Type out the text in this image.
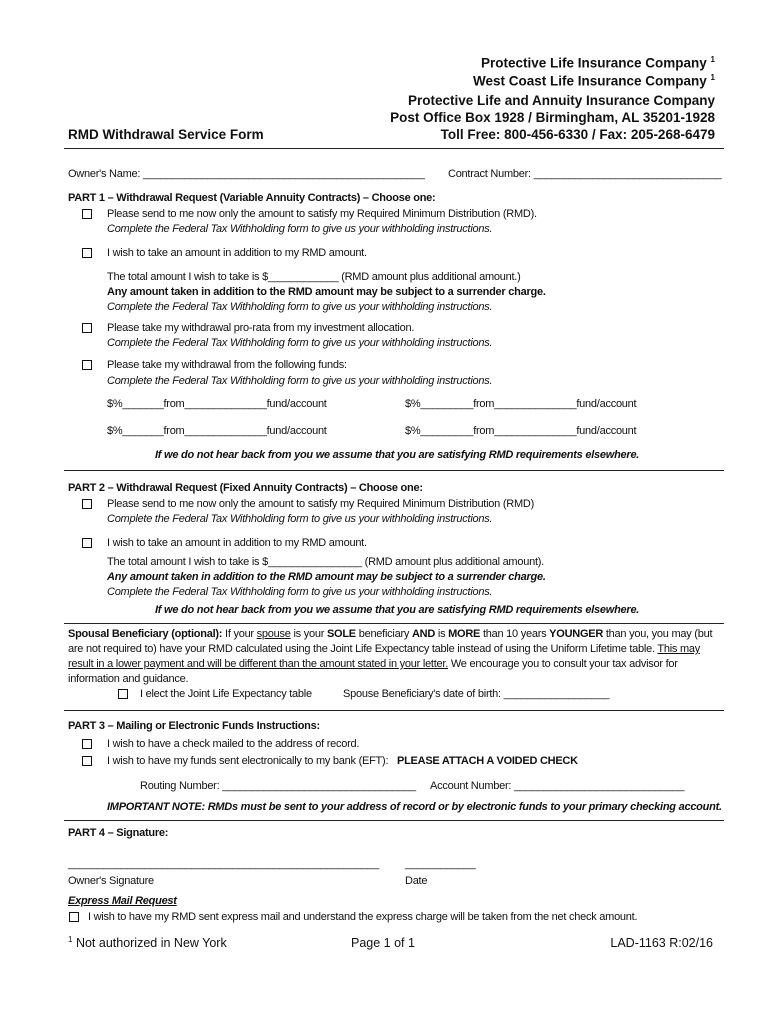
Protective Life Insurance Company $^1$
West Coast Life Insurance Company $^1$
Protective Life and Annuity Insurance Company
Post Office Box 1928 / Birmingham, AL 35201-1928
Toll Free: 800-456-6330 / Fax: 205-268-6479
RMD Withdrawal Service Form
Owner's Name: ________________________________________________ Contract Number: ________________________________
PART 1 – Withdrawal Request (Variable Annuity Contracts) – Choose one:
Please send to me now only the amount to satisfy my Required Minimum Distribution (RMD).
Complete the Federal Tax Withholding form to give us your withholding instructions.
I wish to take an amount in addition to my RMD amount.
The total amount I wish to take is $____________ (RMD amount plus additional amount.)
Any amount taken in addition to the RMD amount may be subject to a surrender charge.
Complete the Federal Tax Withholding form to give us your withholding instructions.
Please take my withdrawal pro-rata from my investment allocation.
Complete the Federal Tax Withholding form to give us your withholding instructions.
Please take my withdrawal from the following funds:
Complete the Federal Tax Withholding form to give us your withholding instructions.
$%_______from______________fund/account	$%_________from______________fund/account
$%_______from______________fund/account	$%_________from______________fund/account
If we do not hear back from you we assume that you are satisfying RMD requirements elsewhere.
PART 2 – Withdrawal Request (Fixed Annuity Contracts) – Choose one:
Please send to me now only the amount to satisfy my Required Minimum Distribution (RMD)
Complete the Federal Tax Withholding form to give us your withholding instructions.
I wish to take an amount in addition to my RMD amount.
The total amount I wish to take is $________________ (RMD amount plus additional amount).
Any amount taken in addition to the RMD amount may be subject to a surrender charge.
Complete the Federal Tax Withholding form to give us your withholding instructions.
If we do not hear back from you we assume that you are satisfying RMD requirements elsewhere.
Spousal Beneficiary (optional): If your spouse is your SOLE beneficiary AND is MORE than 10 years YOUNGER than you, you may (but
are not required to) have your RMD calculated using the Joint Life Expectancy table instead of using the Uniform Lifetime table. This may
result in a lower payment and will be different than the amount stated in your letter. We encourage you to consult your tax advisor for
information and guidance.
I elect the Joint Life Expectancy table	Spouse Beneficiary's date of birth: __________________
PART 3 – Mailing or Electronic Funds Instructions:
I wish to have a check mailed to the address of record.
I wish to have my funds sent electronically to my bank (EFT): PLEASE ATTACH A VOIDED CHECK
Routing Number: _________________________________ Account Number: _____________________________
IMPORTANT NOTE: RMDs must be sent to your address of record or by electronic funds to your primary checking account.
PART 4 – Signature:
_____________________________________________________ ____________
Owner's Signature	Date
Express Mail Request
I wish to have my RMD sent express mail and understand the express charge will be taken from the net check amount.
$^1$ Not authorized in New York	Page 1 of 1	LAD-1163 R:02/16
